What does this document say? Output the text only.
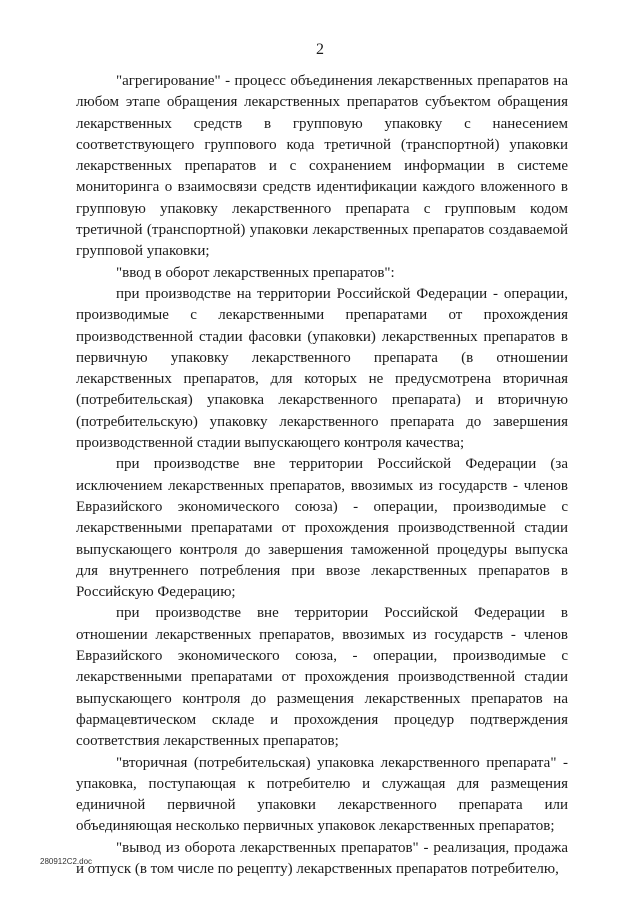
2

"агрегирование" - процесс объединения лекарственных препаратов на любом этапе обращения лекарственных препаратов субъектом обращения лекарственных средств в групповую упаковку с нанесением соответствующего группового кода третичной (транспортной) упаковки лекарственных препаратов и с сохранением информации в системе мониторинга о взаимосвязи средств идентификации каждого вложенного в групповую упаковку лекарственного препарата с групповым кодом третичной (транспортной) упаковки лекарственных препаратов создаваемой групповой упаковки;

"ввод в оборот лекарственных препаратов":

при производстве на территории Российской Федерации - операции, производимые с лекарственными препаратами от прохождения производственной стадии фасовки (упаковки) лекарственных препаратов в первичную упаковку лекарственного препарата (в отношении лекарственных препаратов, для которых не предусмотрена вторичная (потребительская) упаковка лекарственного препарата) и вторичную (потребительскую) упаковку лекарственного препарата до завершения производственной стадии выпускающего контроля качества;

при производстве вне территории Российской Федерации (за исключением лекарственных препаратов, ввозимых из государств - членов Евразийского экономического союза) - операции, производимые с лекарственными препаратами от прохождения производственной стадии выпускающего контроля до завершения таможенной процедуры выпуска для внутреннего потребления при ввозе лекарственных препаратов в Российскую Федерацию;

при производстве вне территории Российской Федерации в отношении лекарственных препаратов, ввозимых из государств - членов Евразийского экономического союза, - операции, производимые с лекарственными препаратами от прохождения производственной стадии выпускающего контроля до размещения лекарственных препаратов на фармацевтическом складе и прохождения процедур подтверждения соответствия лекарственных препаратов;

"вторичная (потребительская) упаковка лекарственного препарата" - упаковка, поступающая к потребителю и служащая для размещения единичной первичной упаковки лекарственного препарата или объединяющая несколько первичных упаковок лекарственных препаратов;

"вывод из оборота лекарственных препаратов" - реализация, продажа и отпуск (в том числе по рецепту) лекарственных препаратов потребителю,

280912C2.doc
